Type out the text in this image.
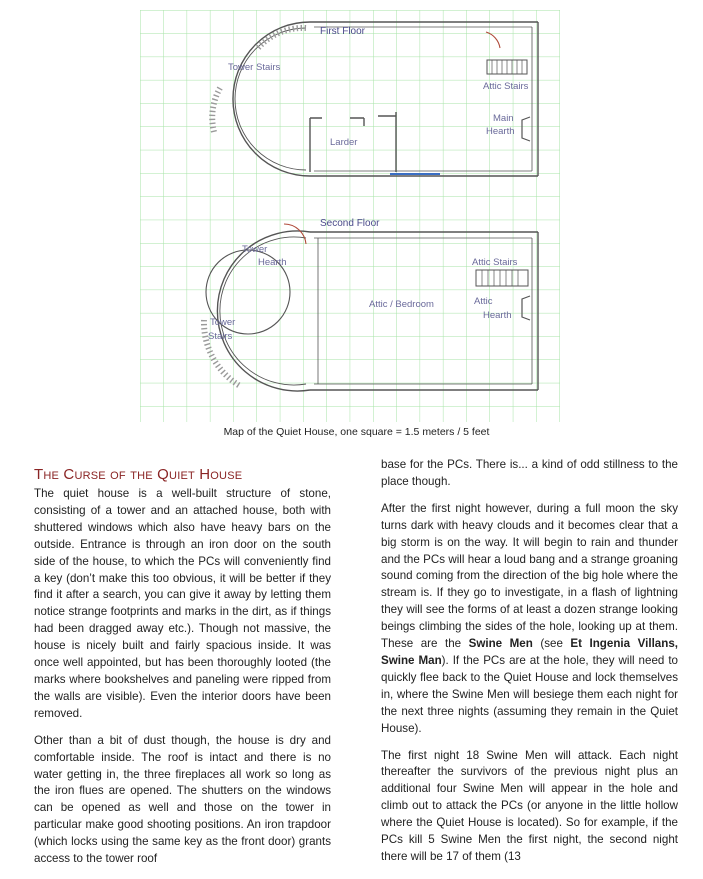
First Floor
Tower Stairs
Attic Stairs
Main
Hearth
Larder
Second Floor
Tower
Hearth	Attic Stairs
Attic / Bedroom	Attic
Hearth
Tower
Stairs
Map of the Quiet House, one square = 1.5 meters / 5 feet
The Curse of the Quiet House

The quiet house is a well-built structure of stone, consisting of a tower and an attached house, both with shuttered windows which also have heavy bars on the outside. Entrance is through an iron door on the south side of the house, to which the PCs will conveniently find a key (don’t make this too obvious, it will be better if they find it after a search, you can give it away by letting them notice strange footprints and marks in the dirt, as if things had been dragged away etc.). Though not massive, the house is nicely built and fairly spacious inside. It was once well appointed, but has been thoroughly looted (the marks where bookshelves and paneling were ripped from the walls are visible). Even the interior doors have been removed.

Other than a bit of dust though, the house is dry and comfortable inside. The roof is intact and there is no water getting in, the three fireplaces all work so long as the iron flues are opened. The shutters on the windows can be opened as well and those on the tower in particular make good shooting positions. An iron trapdoor (which locks using the same key as the front door) grants access to the tower roof

base for the PCs. There is... a kind of odd stillness to the place though.

After the first night however, during a full moon the sky turns dark with heavy clouds and it becomes clear that a big storm is on the way. It will begin to rain and thunder and the PCs will hear a loud bang and a strange groaning sound coming from the direction of the big hole where the stream is. If they go to investigate, in a flash of lightning they will see the forms of at least a dozen strange looking beings climbing the sides of the hole, looking up at them. These are the Swine Men (see Et Ingenia Villans, Swine Man). If the PCs are at the hole, they will need to quickly flee back to the Quiet House and lock themselves in, where the Swine Men will besiege them each night for the next three nights (assuming they remain in the Quiet House).

The first night 18 Swine Men will attack. Each night thereafter the survivors of the previous night plus an additional four Swine Men will appear in the hole and climb out to attack the PCs (or anyone in the little hollow where the Quiet House is located). So for example, if the PCs kill 5 Swine Men the first night, the second night there will be 17 of them (13
